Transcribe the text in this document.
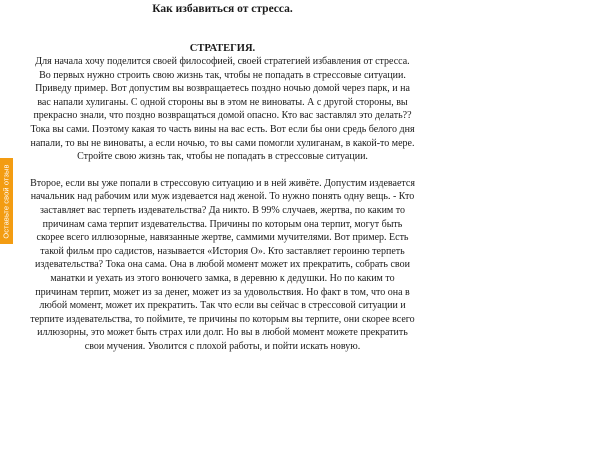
Оставьте свой отзыв
Как избавиться от стресса.
СТРАТЕГИЯ.

Для начала хочу поделится своей философией, своей стратегией избавления от стресса. Во первых нужно строить свою жизнь так, чтобы не попадать в стрессовые ситуации. Приведу пример. Вот допустим вы возвращаетесь поздно ночью домой через парк, и на вас напали хулиганы. С одной стороны вы в этом не виноваты. А с другой стороны, вы прекрасно знали, что поздно возвращаться домой опасно. Кто вас заставлял это делать?? Тока вы сами. Поэтому какая то часть вины на вас есть. Вот если бы они средь белого дня напали, то вы не виноваты, а если ночью, то вы сами помогли хулиганам, в какой-то мере. Стройте свою жизнь так, чтобы не попадать в стрессовые ситуации.

Второе, если вы уже попали в стрессовую ситуацию и в ней живёте. Допустим издевается начальник над рабочим или муж издевается над женой. То нужно понять одну вещь. - Кто заставляет вас терпеть издевательства? Да никто. В 99% случаев, жертва, по каким то причинам сама терпит издевательства. Причины по которым она терпит, могут быть скорее всего иллюзорные, навязанные жертве, саммими мучителями. Вот пример. Есть такой фильм про садистов, называется «История О». Кто заставляет героиню терпеть издевательства? Тока она сама. Она в любой момент может их прекратить, собрать свои манатки и уехать из этого вонючего замка, в деревню к дедушки. Но по каким то причинам терпит, может из за денег, может из за удовольствия. Но факт в том, что она в любой момент, может их прекратить. Так что если вы сейчас в стрессовой ситуации и терпите издевательства, то поймите, те причины по которым вы терпите, они скорее всего иллюзорны, это может быть страх или долг. Но вы в любой момент можете прекратить свои мучения. Уволится с плохой работы, и пойти искать новую.
